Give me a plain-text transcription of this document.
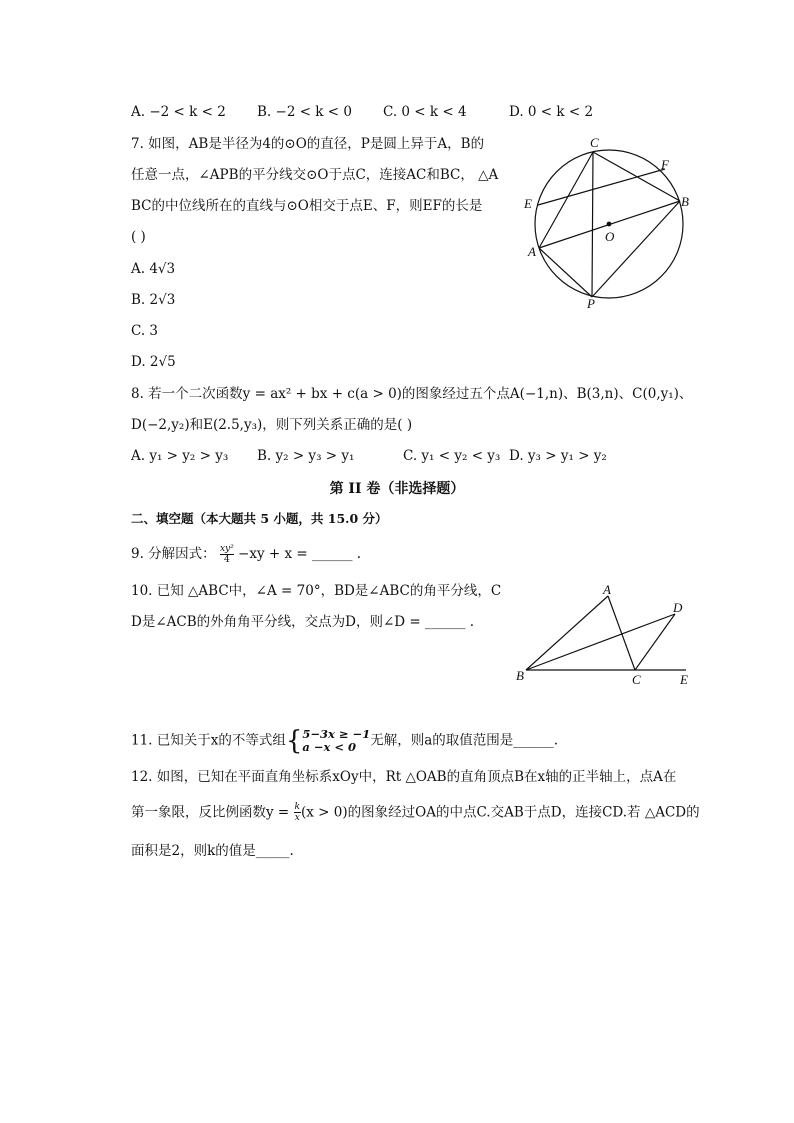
A. −2 < k < 2 B. −2 < k < 0 C. 0 < k < 4	D. 0 < k < 2
7. 如图，AB是半径为4的⊙O的直径，P是圆上异于A，B的
任意一点，∠APB的平分线交⊙O于点C，连接AC和BC， △A
BC的中位线所在的直线与⊙O相交于点E、F，则EF的长是
( )
A. 4√3
B. 2√3
C. 3
D. 2√5
C
F
E	B
O
A
P
8. 若一个二次函数y = ax² + bx + c(a > 0)的图象经过五个点A(−1,n)、B(3,n)、C(0,y₁)、
D(−2,y₂)和E(2.5,y₃)，则下列关系正确的是( )
A. y₁ > y₂ > y₃ B. y₂ > y₃ > y₁	C. y₁ < y₂ < y₃ D. y₃ > y₁ > y₂
第 II 卷（非选择题）
二、填空题（本大题共 5 小题，共 15.0 分）
9. 分解因式： $\frac{\text{xy²}}{4} -xy + x$ = ______ .
10. 已知 △ABC中，∠A = 70°，BD是∠ABC的角平分线，C
D是∠ACB的外角角平分线，交点为D，则∠D = ______ .
A
D
B	C	E
11. 已知关于x的不等式组{ 5−3x ≥ −1
a −x < 0	无解，则a的取值范围是______.
12. 如图，已知在平面直角坐标系xOy中，Rt △OAB的直角顶点B在x轴的正半轴上，点A在
第一象限，反比例函数$y = \frac{k}{x} (x > 0)$的图象经过OA的中点C.交AB于点D，连接CD.若 △ACD的
面积是2，则k的值是_____.
